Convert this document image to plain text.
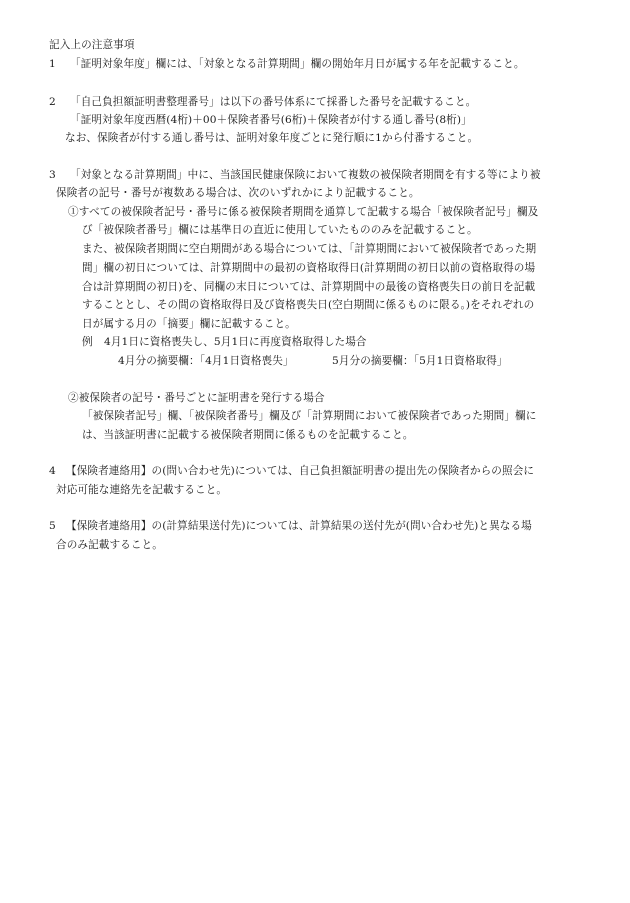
記入上の注意事項
1 「証明対象年度」欄には、「対象となる計算期間」欄の開始年月日が属する年を記載すること。
2 「自己負担額証明書整理番号」は以下の番号体系にて採番した番号を記載すること。
「証明対象年度西暦(4桁)＋00＋保険者番号(6桁)＋保険者が付する通し番号(8桁)」
なお、保険者が付する通し番号は、証明対象年度ごとに発行順に1から付番すること。
3 「対象となる計算期間」中に、当該国民健康保険において複数の被保険者期間を有する等により被
保険者の記号・番号が複数ある場合は、次のいずれかにより記載すること。
①すべての被保険者記号・番号に係る被保険者期間を通算して記載する場合「被保険者記号」欄及
び「被保険者番号」欄には基準日の直近に使用していたもののみを記載すること。
また、被保険者期間に空白期間がある場合については、「計算期間において被保険者であった期
間」欄の初日については、計算期間中の最初の資格取得日(計算期間の初日以前の資格取得の場
合は計算期間の初日)を、同欄の末日については、計算期間中の最後の資格喪失日の前日を記載
することとし、その間の資格取得日及び資格喪失日(空白期間に係るものに限る。)をそれぞれの
日が属する月の「摘要」欄に記載すること。
例 4月1日に資格喪失し、5月1日に再度資格取得した場合
4月分の摘要欄：「4月1日資格喪失」	5月分の摘要欄：「5月1日資格取得」
②被保険者の記号・番号ごとに証明書を発行する場合
「被保険者記号」欄、「被保険者番号」欄及び「計算期間において被保険者であった期間」欄に
は、当該証明書に記載する被保険者期間に係るものを記載すること。
4 【保険者連絡用】の(問い合わせ先)については、自己負担額証明書の提出先の保険者からの照会に
対応可能な連絡先を記載すること。
5 【保険者連絡用】の(計算結果送付先)については、計算結果の送付先が(問い合わせ先)と異なる場
合のみ記載すること。
